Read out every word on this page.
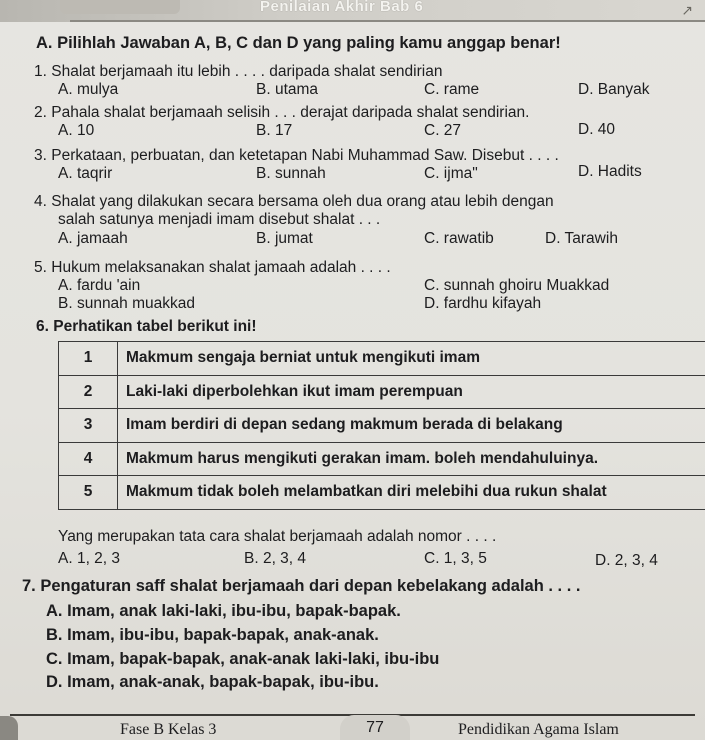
Penilaian Akhir Bab 6	↗
A. Pilihlah Jawaban A, B, C dan D yang paling kamu anggap benar!
1. Shalat berjamaah itu lebih . . . . daripada shalat sendirian
A. mulya	B. utama	C. rame	D. Banyak
2. Pahala shalat berjamaah selisih . . . derajat daripada shalat sendirian.
A. 10	B. 17	C. 27	D. 40
3. Perkataan, perbuatan, dan ketetapan Nabi Muhammad Saw. Disebut . . . .
A. taqrir	B. sunnah	C. ijma"	D. Hadits
4. Shalat yang dilakukan secara bersama oleh dua orang atau lebih dengan
salah satunya menjadi imam disebut shalat . . .
A. jamaah	B. jumat	C. rawatib	D. Tarawih
5. Hukum melaksanakan shalat jamaah adalah . . . .
A. fardu 'ain	C. sunnah ghoiru Muakkad
B. sunnah muakkad	D. fardhu kifayah
6. Perhatikan tabel berikut ini!
1	Makmum sengaja berniat untuk mengikuti imam
2	Laki-laki diperbolehkan ikut imam perempuan
3	Imam berdiri di depan sedang makmum berada di belakang
4	Makmum harus mengikuti gerakan imam. boleh mendahuluinya.
5	Makmum tidak boleh melambatkan diri melebihi dua rukun shalat
Yang merupakan tata cara shalat berjamaah adalah nomor . . . .
A. 1, 2, 3	B. 2, 3, 4	C. 1, 3, 5	D. 2, 3, 4
7. Pengaturan saff shalat berjamaah dari depan kebelakang adalah . . . .
A. Imam, anak laki-laki, ibu-ibu, bapak-bapak.
B. Imam, ibu-ibu, bapak-bapak, anak-anak.
C. Imam, bapak-bapak, anak-anak laki-laki, ibu-ibu
D. Imam, anak-anak, bapak-bapak, ibu-ibu.
Fase B Kelas 3	77	Pendidikan Agama Islam
